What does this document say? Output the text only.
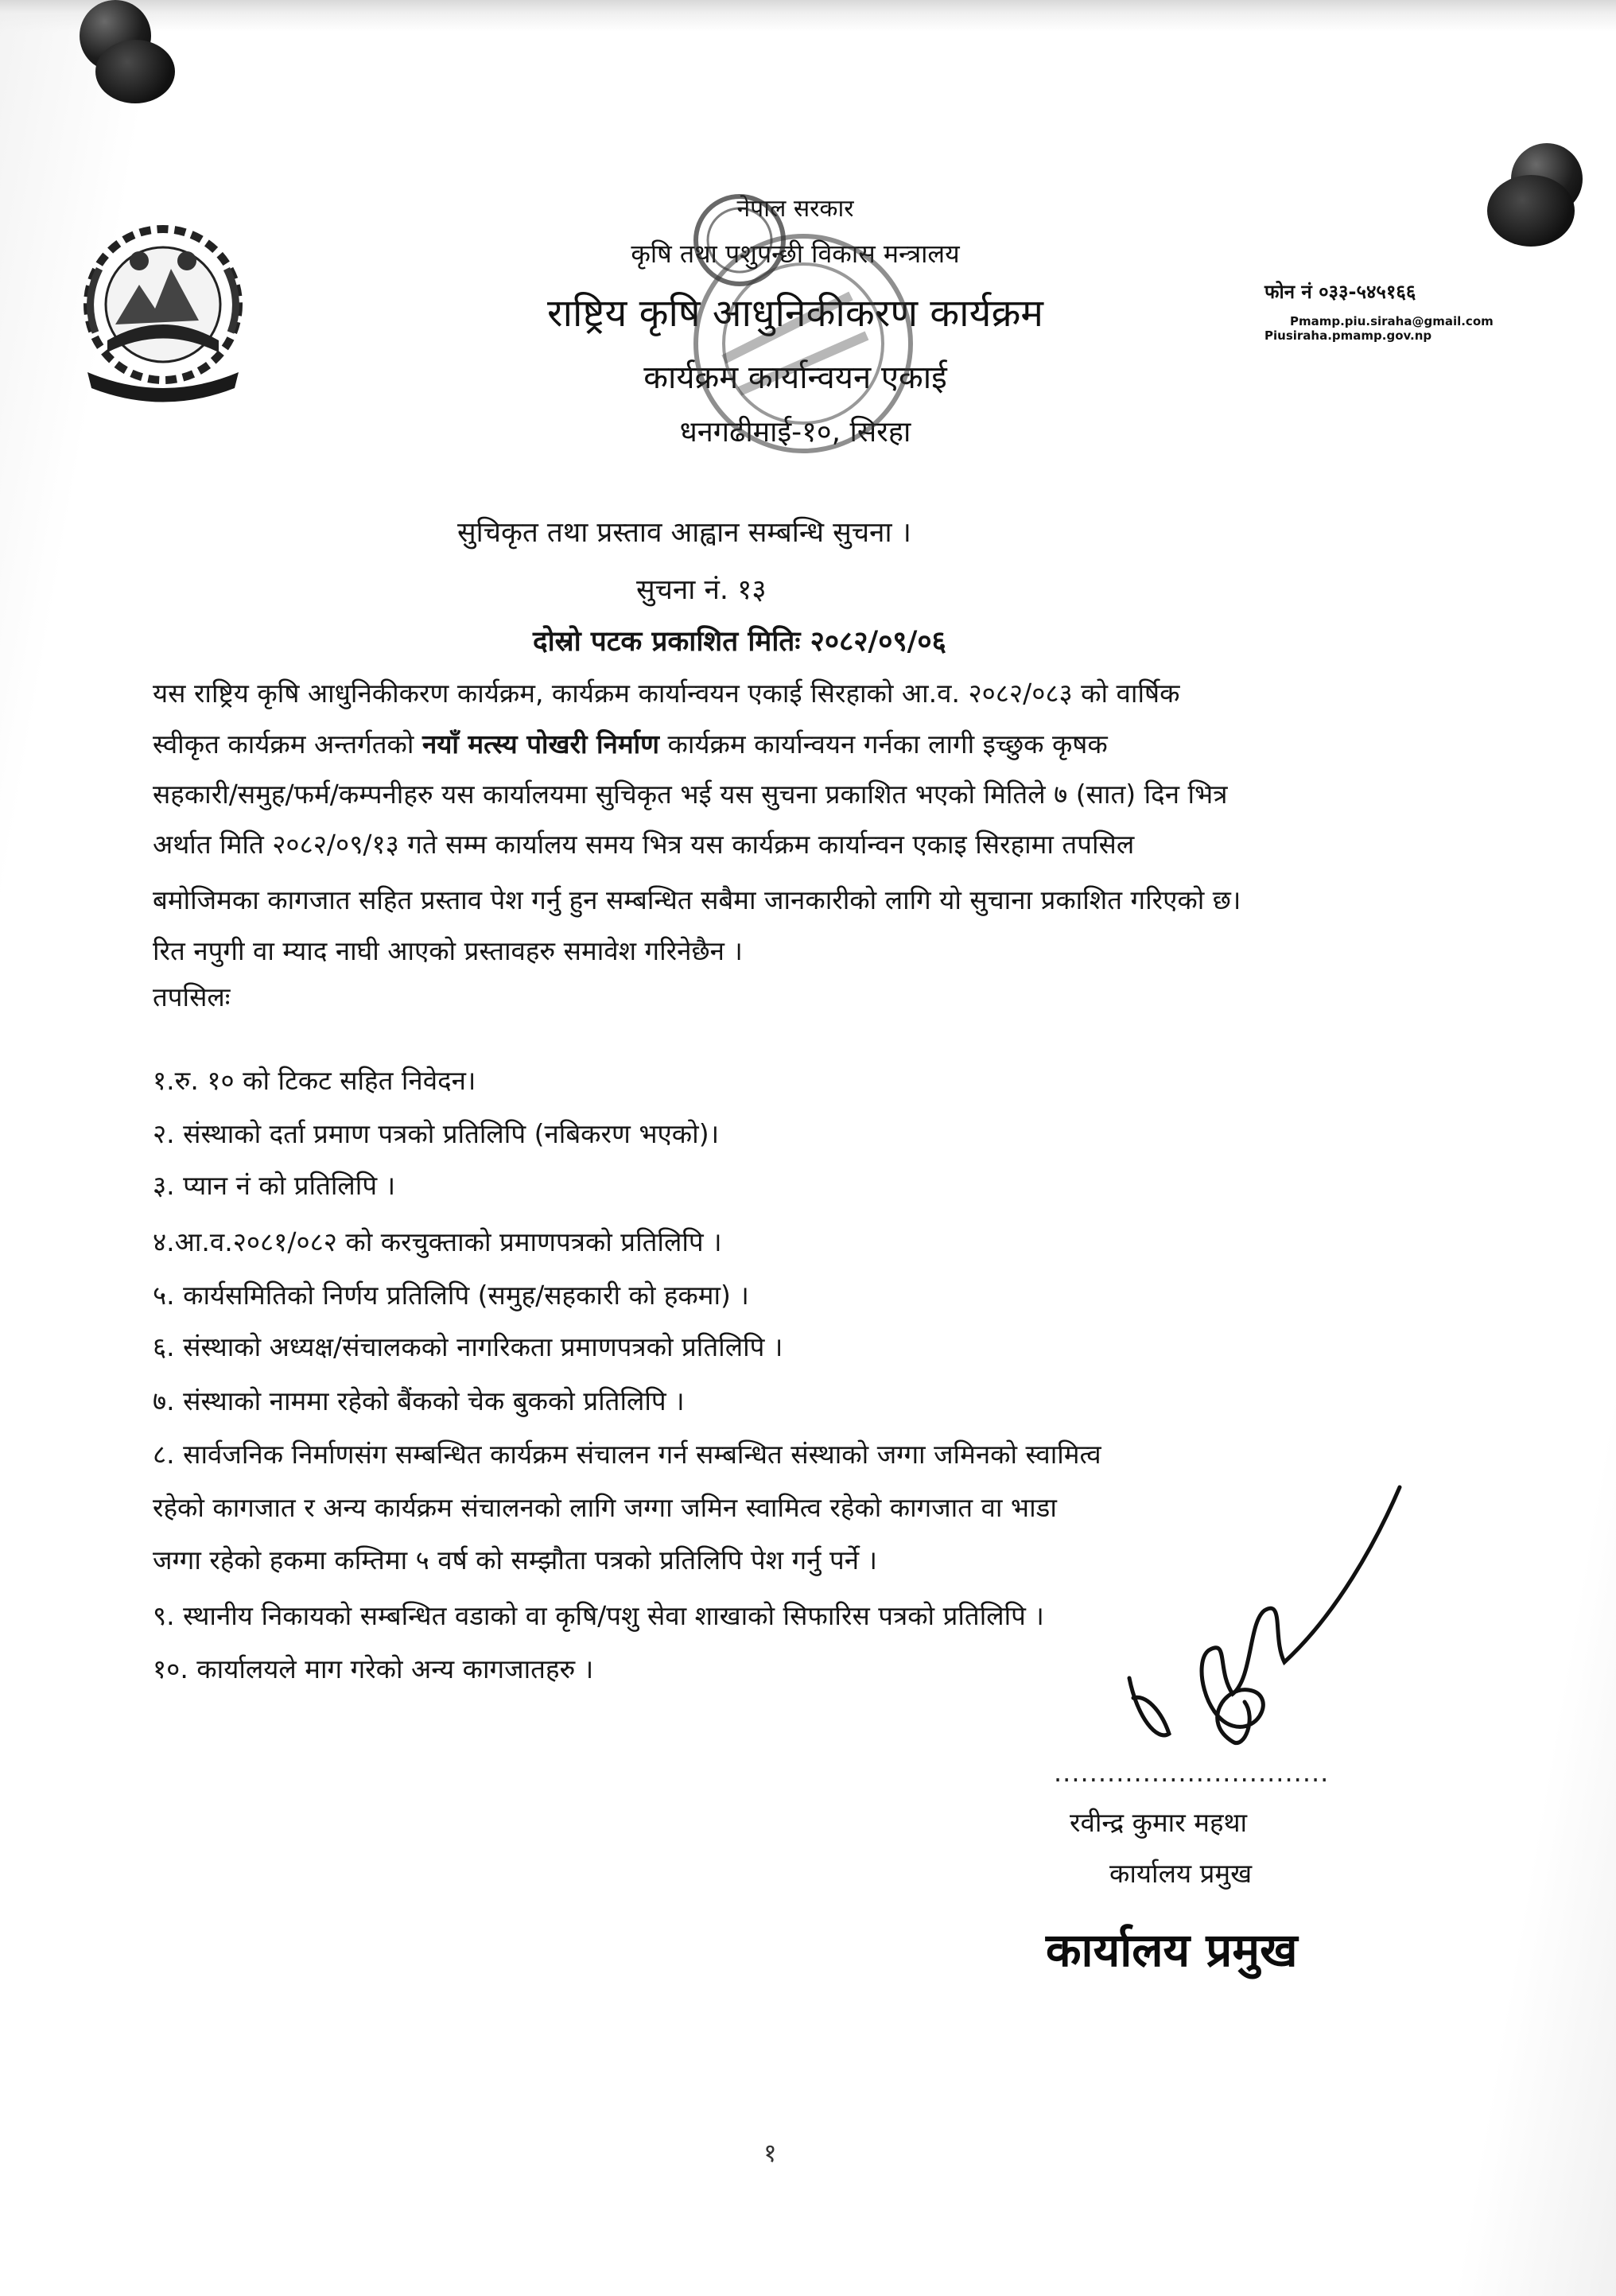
नेपाल सरकार
कृषि तथा पशुपन्छी विकास मन्त्रालय
राष्ट्रिय कृषि आधुनिकीकरण कार्यक्रम
कार्यक्रम कार्यान्वयन एकाई
धनगढीमाई-१०, सिरहा
फोन नं ०३३-५४५१६६
Pmamp.piu.siraha@gmail.com
Piusiraha.pmamp.gov.np
सुचिकृत तथा प्रस्ताव आह्वान सम्बन्धि सुचना ।
सुचना नं. १३
दोस्रो पटक प्रकाशित मितिः २०८२/०९/०६
यस राष्ट्रिय कृषि आधुनिकीकरण कार्यक्रम, कार्यक्रम कार्यान्वयन एकाई सिरहाको आ.व. २०८२/०८३ को वार्षिक
स्वीकृत कार्यक्रम अन्तर्गतको नयाँ मत्स्य पोखरी निर्माण कार्यक्रम कार्यान्वयन गर्नका लागी इच्छुक कृषक
सहकारी/समुह/फर्म/कम्पनीहरु यस कार्यालयमा सुचिकृत भई यस सुचना प्रकाशित भएको मितिले ७ (सात) दिन भित्र
अर्थात मिति २०८२/०९/१३ गते सम्म कार्यालय समय भित्र यस कार्यक्रम कार्यान्वन एकाइ सिरहामा तपसिल
बमोजिमका कागजात सहित प्रस्ताव पेश गर्नु हुन सम्बन्धित सबैमा जानकारीको लागि यो सुचाना प्रकाशित गरिएको छ।
रित नपुगी वा म्याद नाघी आएको प्रस्तावहरु समावेश गरिनेछैन ।
तपसिलः
१.रु. १० को टिकट सहित निवेदन।
२. संस्थाको दर्ता प्रमाण पत्रको प्रतिलिपि (नबिकरण भएको)।
३. प्यान नं को प्रतिलिपि ।
४.आ.व.२०८१/०८२ को करचुक्ताको प्रमाणपत्रको प्रतिलिपि ।
५. कार्यसमितिको निर्णय प्रतिलिपि (समुह/सहकारी को हकमा) ।
६. संस्थाको अध्यक्ष/संचालकको नागरिकता प्रमाणपत्रको प्रतिलिपि ।
७. संस्थाको नाममा रहेको बैंकको चेक बुकको प्रतिलिपि ।
८. सार्वजनिक निर्माणसंग सम्बन्धित कार्यक्रम संचालन गर्न सम्बन्धित संस्थाको जग्गा जमिनको स्वामित्व
रहेको कागजात र अन्य कार्यक्रम संचालनको लागि जग्गा जमिन स्वामित्व रहेको कागजात वा भाडा
जग्गा रहेको हकमा कम्तिमा ५ वर्ष को सम्झौता पत्रको प्रतिलिपि पेश गर्नु पर्ने ।
९. स्थानीय निकायको सम्बन्धित वडाको वा कृषि/पशु सेवा शाखाको सिफारिस पत्रको प्रतिलिपि ।
१०. कार्यालयले माग गरेको अन्य कागजातहरु ।
...............................
रवीन्द्र कुमार महथा
कार्यालय प्रमुख
कार्यालय प्रमुख
१
